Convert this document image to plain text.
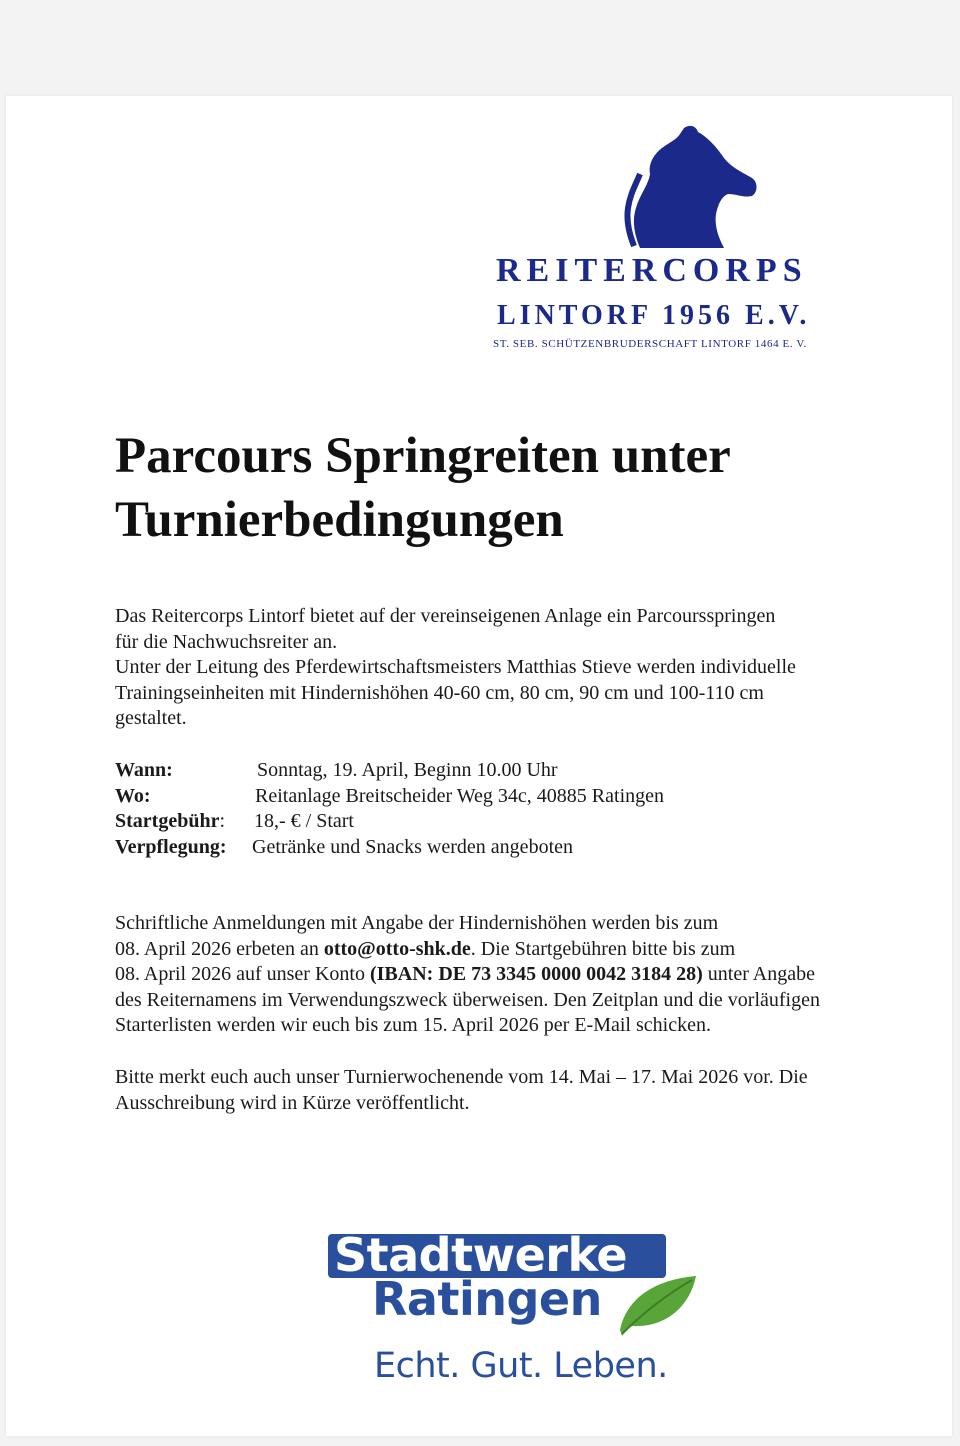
REITERCORPS
LINTORF 1956 E.V.
ST. SEB. SCHÜTZENBRUDERSCHAFT LINTORF 1464 E. V.
Parcours Springreiten unter
Turnierbedingungen
Das Reitercorps Lintorf bietet auf der vereinseigenen Anlage ein Parcoursspringen
für die Nachwuchsreiter an.
Unter der Leitung des Pferdewirtschaftsmeisters Matthias Stieve werden individuelle
Trainingseinheiten mit Hindernishöhen 40-60 cm, 80 cm, 90 cm und 100-110 cm
gestaltet.
Wann:	Sonntag, 19. April, Beginn 10.00 Uhr
Wo:	Reitanlage Breitscheider Weg 34c, 40885 Ratingen
Startgebühr:	18,- € / Start
Verpflegung:	Getränke und Snacks werden angeboten
Schriftliche Anmeldungen mit Angabe der Hindernishöhen werden bis zum
08. April 2026 erbeten an otto@otto-shk.de. Die Startgebühren bitte bis zum
08. April 2026 auf unser Konto (IBAN: DE 73 3345 0000 0042 3184 28) unter Angabe
des Reiternamens im Verwendungszweck überweisen. Den Zeitplan und die vorläufigen
Starterlisten werden wir euch bis zum 15. April 2026 per E-Mail schicken.
Bitte merkt euch auch unser Turnierwochenende vom 14. Mai – 17. Mai 2026 vor. Die
Ausschreibung wird in Kürze veröffentlicht.
Stadtwerke
Ratingen
Echt. Gut. Leben.
